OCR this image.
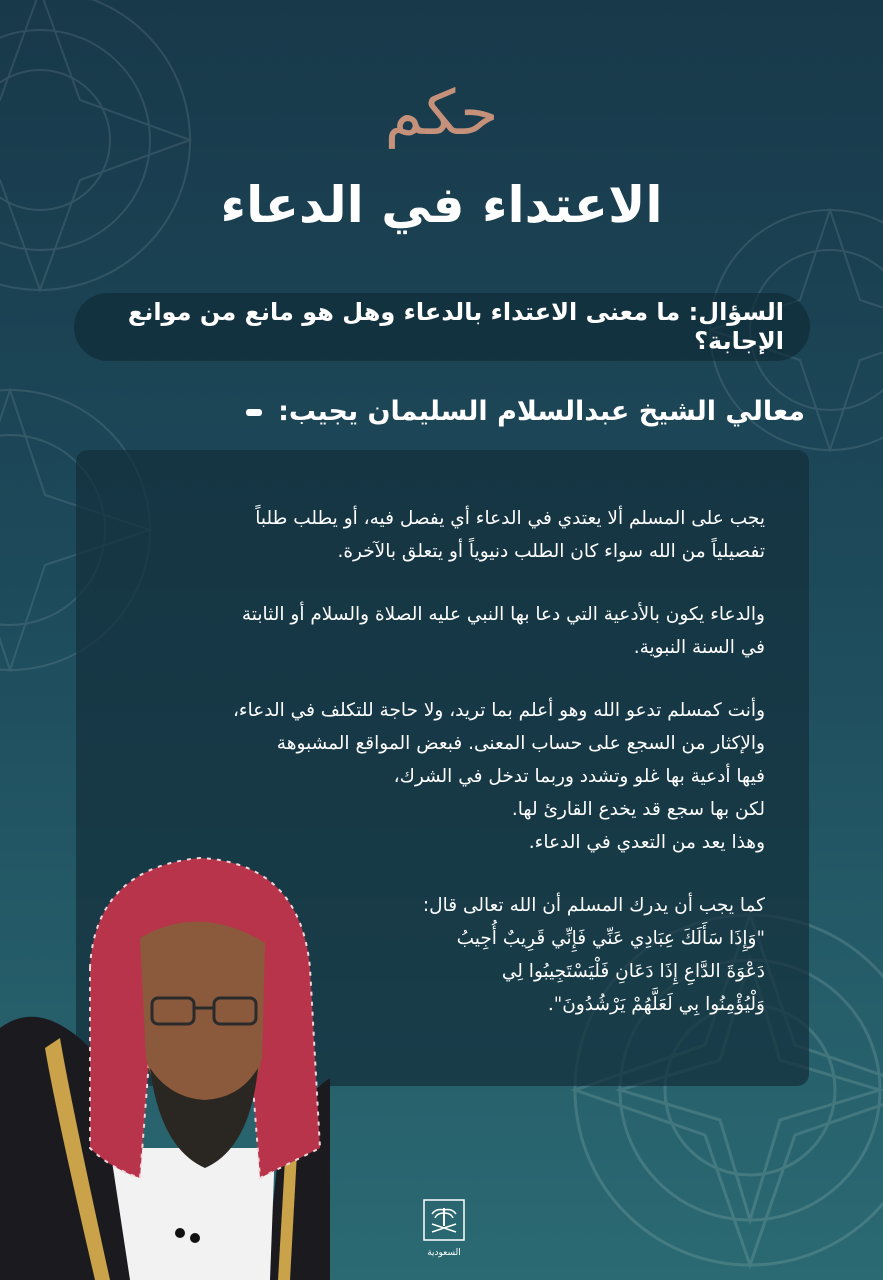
حكم
الاعتداء في الدعاء
السؤال: ما معنى الاعتداء بالدعاء وهل هو مانع من موانع الإجابة؟
معالي الشيخ عبدالسلام السليمان يجيب:

يجب على المسلم ألا يعتدي في الدعاء أي يفصل فيه، أو يطلب طلباً
تفصيلياً من الله سواء كان الطلب دنيوياً أو يتعلق بالآخرة.

والدعاء يكون بالأدعية التي دعا بها النبي عليه الصلاة والسلام أو الثابتة
في السنة النبوية.

وأنت كمسلم تدعو الله وهو أعلم بما تريد، ولا حاجة للتكلف في الدعاء،
والإكثار من السجع على حساب المعنى. فبعض المواقع المشبوهة
فيها أدعية بها غلو وتشدد وربما تدخل في الشرك،
لكن بها سجع قد يخدع القارئ لها.
وهذا يعد من التعدي في الدعاء.

كما يجب أن يدرك المسلم أن الله تعالى قال:

"وَإِذَا سَأَلَكَ عِبَادِي عَنِّي فَإِنِّي قَرِيبٌ أُجِيبُ
دَعْوَةَ الدَّاعِ إِذَا دَعَانِ فَلْيَسْتَجِيبُوا لِي
وَلْيُؤْمِنُوا بِي لَعَلَّهُمْ يَرْشُدُونَ".

السعودية
